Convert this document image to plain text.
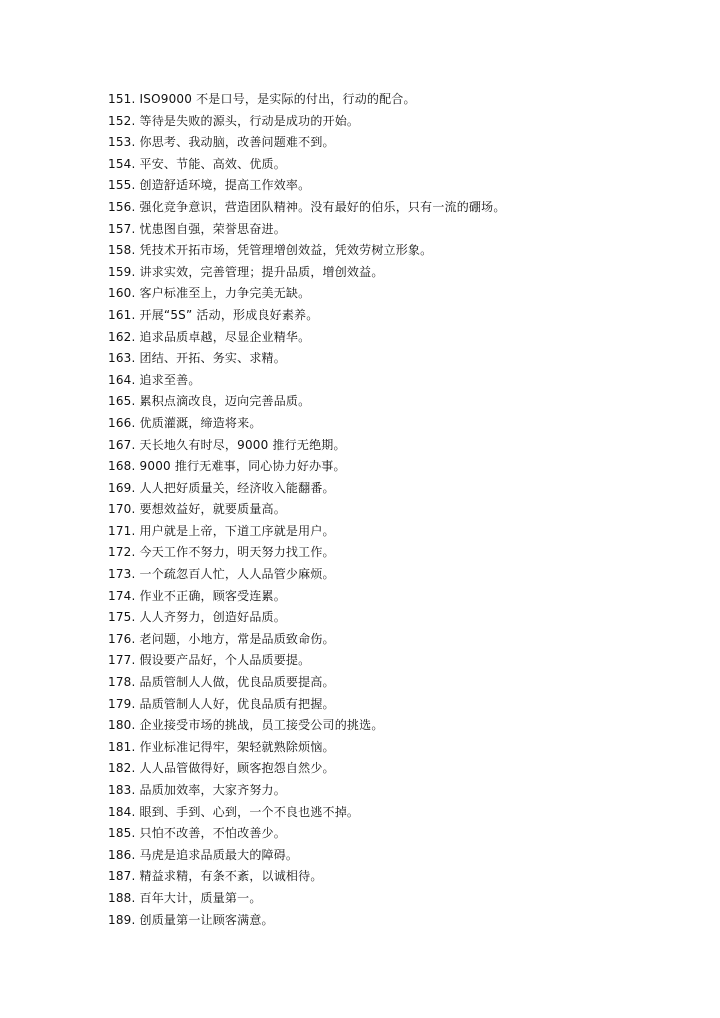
151. ISO9000 不是口号，是实际的付出，行动的配合。
152. 等待是失败的源头，行动是成功的开始。
153. 你思考、我动脑，改善问题难不到。
154. 平安、节能、高效、优质。
155. 创造舒适环境，提高工作效率。
156. 强化竞争意识，营造团队精神。没有最好的伯乐，只有一流的硼场。
157. 忧患图自强，荣誉思奋进。
158. 凭技术开拓市场，凭管理增创效益，凭效劳树立形象。
159. 讲求实效，完善管理；提升品质，增创效益。
160. 客户标准至上，力争完美无缺。
161. 开展“5S” 活动，形成良好素养。
162. 追求品质卓越，尽显企业精华。
163. 团结、开拓、务实、求精。
164. 追求至善。
165. 累积点滴改良，迈向完善品质。
166. 优质灌溉，缔造将来。
167. 天长地久有时尽，9000 推行无绝期。
168. 9000 推行无难事，同心协力好办事。
169. 人人把好质量关，经济收入能翻番。
170. 要想效益好，就要质量高。
171. 用户就是上帝，下道工序就是用户。
172. 今天工作不努力，明天努力找工作。
173. 一个疏忽百人忙，人人品管少麻烦。
174. 作业不正确，顾客受连累。
175. 人人齐努力，创造好品质。
176. 老问题，小地方，常是品质致命伤。
177. 假设要产品好，个人品质要提。
178. 品质管制人人做，优良品质要提高。
179. 品质管制人人好，优良品质有把握。
180. 企业接受市场的挑战，员工接受公司的挑选。
181. 作业标准记得牢，架轻就熟除烦恼。
182. 人人品管做得好，顾客抱怨自然少。
183. 品质加效率，大家齐努力。
184. 眼到、手到、心到，一个不良也逃不掉。
185. 只怕不改善，不怕改善少。
186. 马虎是追求品质最大的障碍。
187. 精益求精，有条不紊，以诚相待。
188. 百年大计，质量第一。
189. 创质量第一让顾客满意。
